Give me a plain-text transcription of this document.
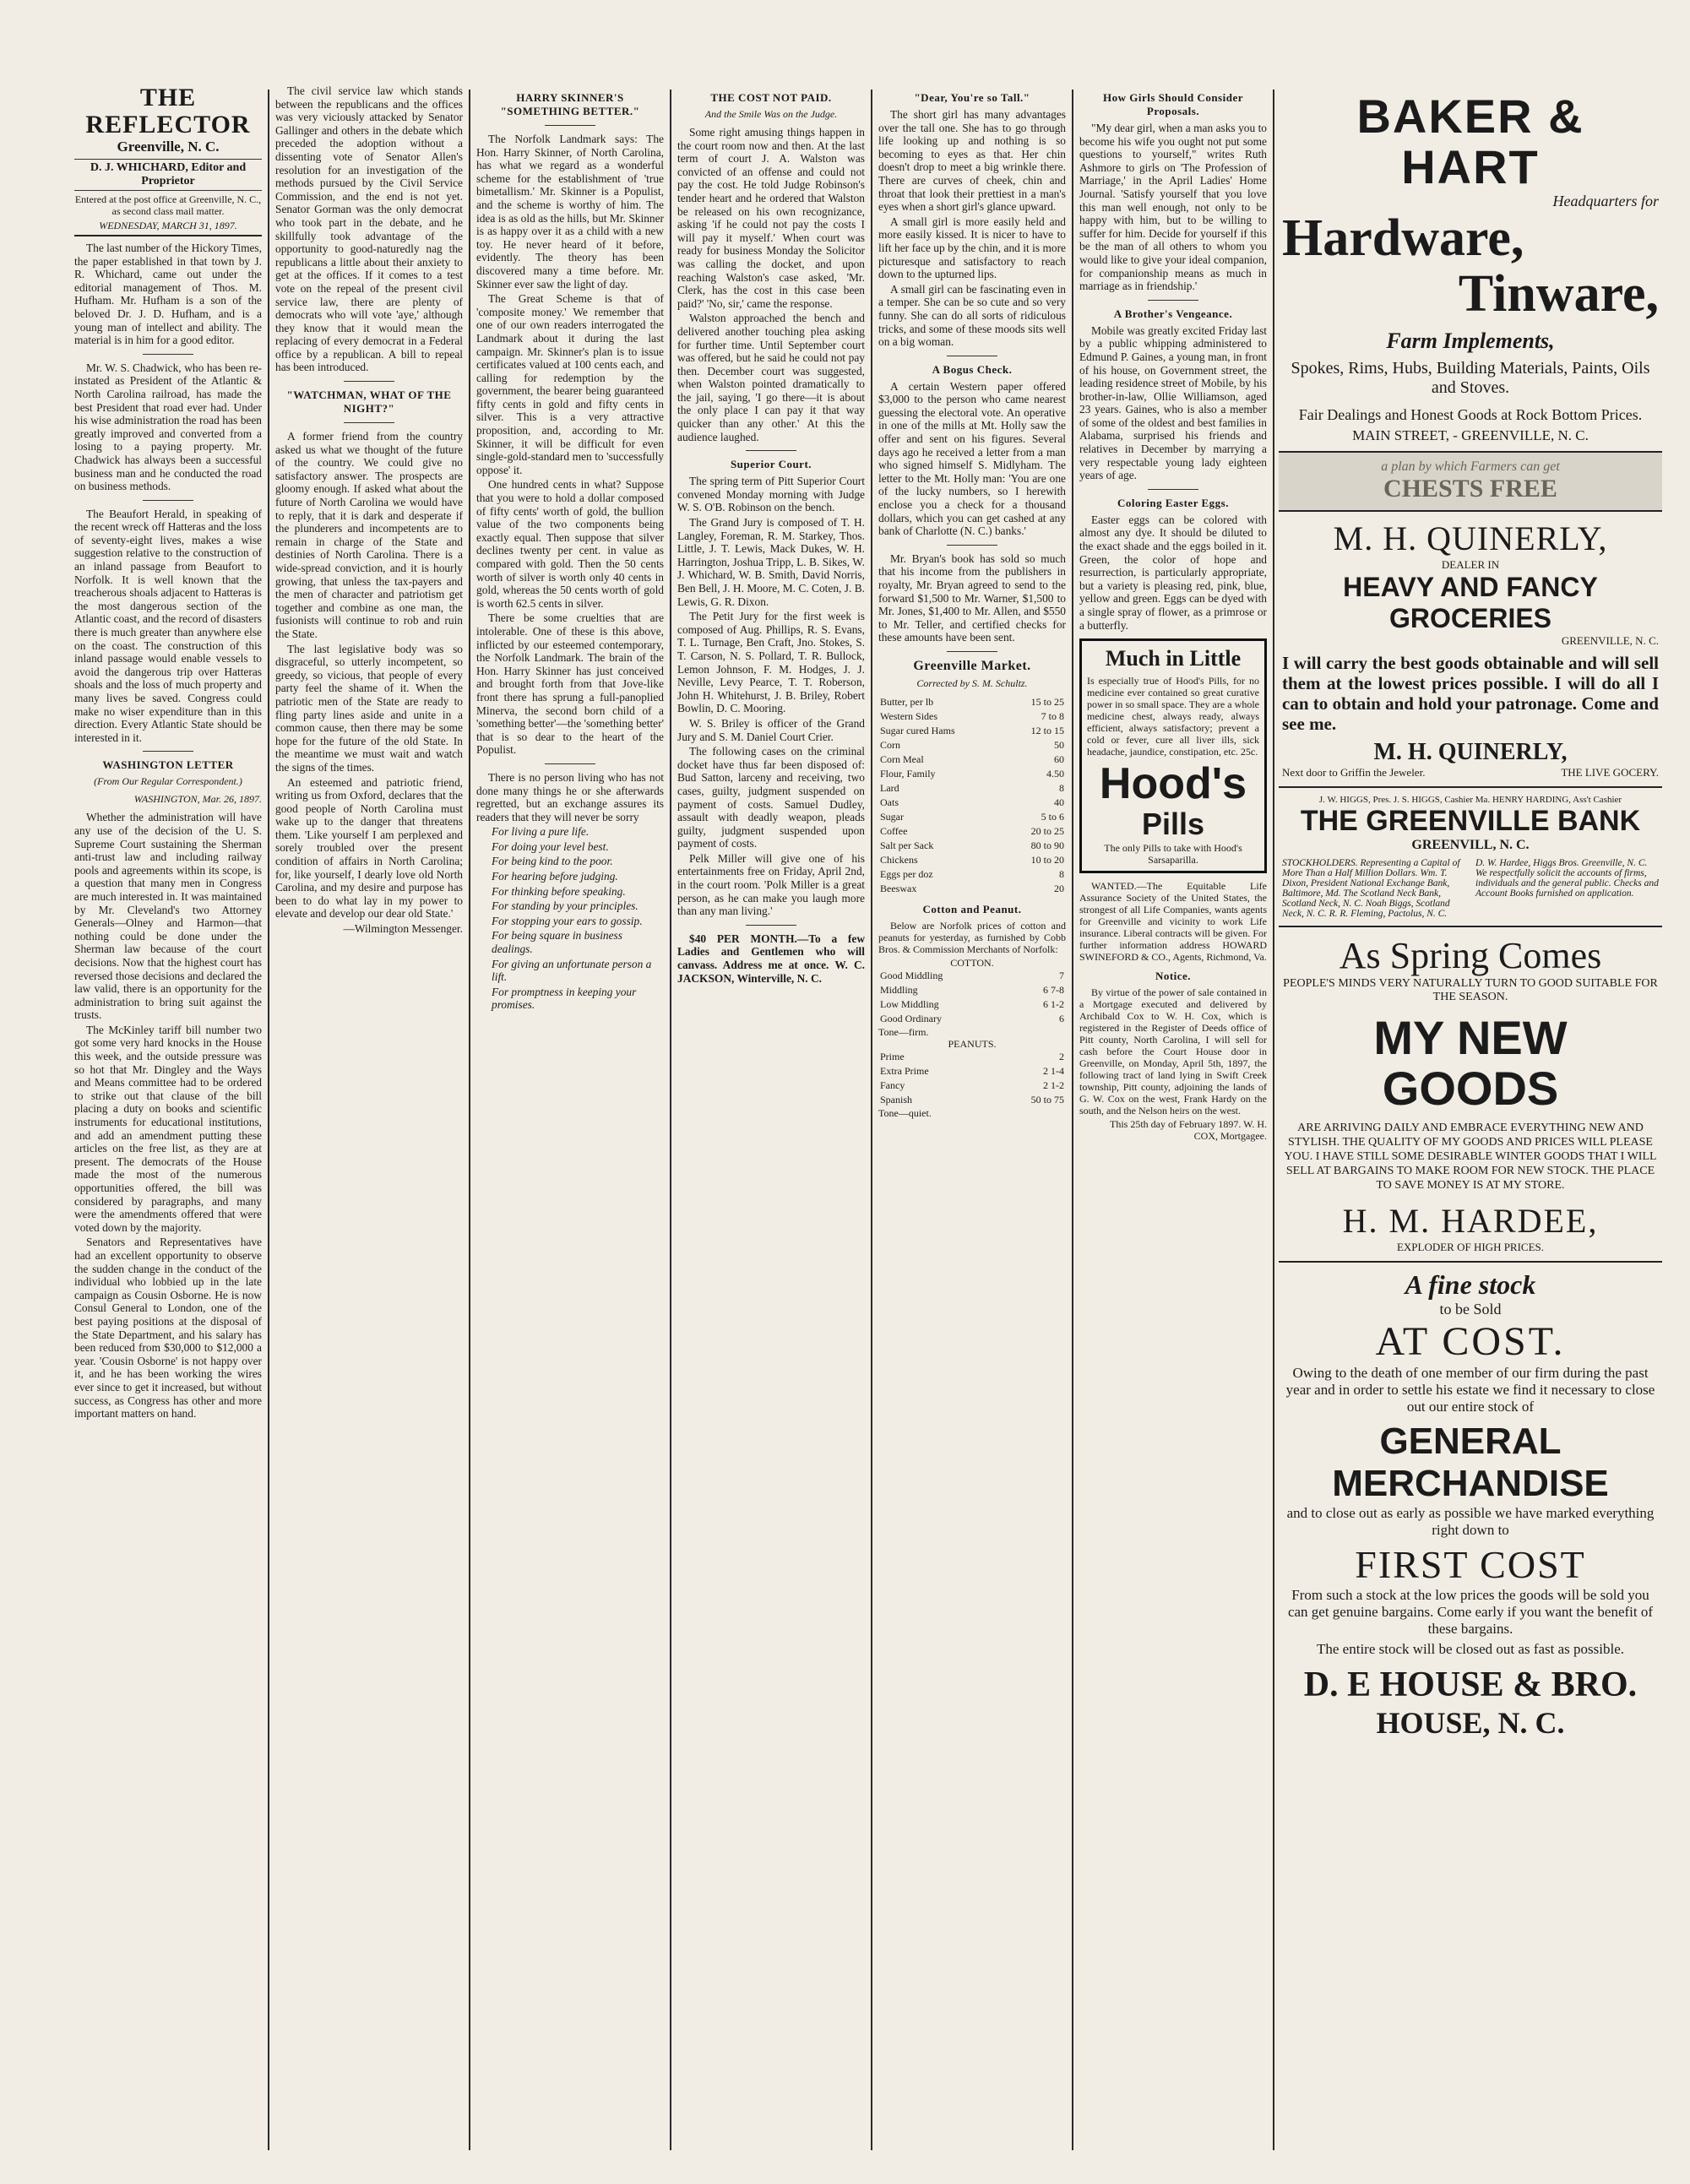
THE REFLECTOR
Greenville, N. C.
D. J. WHICHARD, Editor and Proprietor
Entered at the post office at Greenville, N. C., as second class mail matter.
WEDNESDAY, MARCH 31, 1897.

The last number of the Hickory Times, the paper established in that town by J. R. Whichard, came out under the editorial management of Thos. M. Hufham. Mr. Hufham is a son of the beloved Dr. J. D. Hufham, and is a young man of intellect and ability. The material is in him for a good editor.

Mr. W. S. Chadwick, who has been re-instated as President of the Atlantic & North Carolina railroad, has made the best President that road ever had. Under his wise administration the road has been greatly improved and converted from a losing to a paying property. Mr. Chadwick has always been a successful business man and he conducted the road on business methods.

The Beaufort Herald, in speaking of the recent wreck off Hatteras and the loss of seventy-eight lives, makes a wise suggestion relative to the construction of an inland passage from Beaufort to Norfolk. It is well known that the treacherous shoals adjacent to Hatteras is the most dangerous section of the Atlantic coast, and the record of disasters there is much greater than anywhere else on the coast. The construction of this inland passage would enable vessels to avoid the dangerous trip over Hatteras shoals and the loss of much property and many lives be saved. Congress could make no wiser expenditure than in this direction. Every Atlantic State should be interested in it.

WASHINGTON LETTER
(From Our Regular Correspondent.)
WASHINGTON, Mar. 26, 1897.

Whether the administration will have any use of the decision of the U. S. Supreme Court sustaining the Sherman anti-trust law and including railway pools and agreements within its scope, is a question that many men in Congress are much interested in. It was maintained by Mr. Cleveland's two Attorney Generals—Olney and Harmon—that nothing could be done under the Sherman law because of the court decisions. Now that the highest court has reversed those decisions and declared the law valid, there is an opportunity for the administration to bring suit against the trusts.

The McKinley tariff bill number two got some very hard knocks in the House this week, and the outside pressure was so hot that Mr. Dingley and the Ways and Means committee had to be ordered to strike out that clause of the bill placing a duty on books and scientific instruments for educational institutions, and add an amendment putting these articles on the free list, as they are at present. The democrats of the House made the most of the numerous opportunities offered, the bill was considered by paragraphs, and many were the amendments offered that were voted down by the majority.

Senators and Representatives have had an excellent opportunity to observe the sudden change in the conduct of the individual who lobbied up in the late campaign as Cousin Osborne. He is now Consul General to London, one of the best paying positions at the disposal of the State Department, and his salary has been reduced from $30,000 to $12,000 a year. 'Cousin Osborne' is not happy over it, and he has been working the wires ever since to get it increased, but without success, as Congress has other and more important matters on hand.

The civil service law which stands between the republicans and the offices was very viciously attacked by Senator Gallinger and others in the debate which preceded the adoption without a dissenting vote of Senator Allen's resolution for an investigation of the methods pursued by the Civil Service Commission, and the end is not yet. Senator Gorman was the only democrat who took part in the debate, and he skillfully took advantage of the opportunity to good-naturedly nag the republicans a little about their anxiety to get at the offices. If it comes to a test vote on the repeal of the present civil service law, there are plenty of democrats who will vote 'aye,' although they know that it would mean the replacing of every democrat in a Federal office by a republican. A bill to repeal has been introduced.

"WATCHMAN, WHAT OF THE NIGHT?"

A former friend from the country asked us what we thought of the future of the country. We could give no satisfactory answer. The prospects are gloomy enough. If asked what about the future of North Carolina we would have to reply, that it is dark and desperate if the plunderers and incompetents are to remain in charge of the State and destinies of North Carolina. There is a wide-spread conviction, and it is hourly growing, that unless the tax-payers and the men of character and patriotism get together and combine as one man, the fusionists will continue to rob and ruin the State.

The last legislative body was so disgraceful, so utterly incompetent, so greedy, so vicious, that people of every party feel the shame of it. When the patriotic men of the State are ready to fling party lines aside and unite in a common cause, then there may be some hope for the future of the old State. In the meantime we must wait and watch the signs of the times.

An esteemed and patriotic friend, writing us from Oxford, declares that the good people of North Carolina must wake up to the danger that threatens them. 'Like yourself I am perplexed and sorely troubled over the present condition of affairs in North Carolina; for, like yourself, I dearly love old North Carolina, and my desire and purpose has been to do what lay in my power to elevate and develop our dear old State.'

—Wilmington Messenger.

HARRY SKINNER'S "SOMETHING BETTER."

The Norfolk Landmark says: The Hon. Harry Skinner, of North Carolina, has what we regard as a wonderful scheme for the establishment of 'true bimetallism.' Mr. Skinner is a Populist, and the scheme is worthy of him. The idea is as old as the hills, but Mr. Skinner is as happy over it as a child with a new toy. He never heard of it before, evidently. The theory has been discovered many a time before. Mr. Skinner ever saw the light of day.

The Great Scheme is that of 'composite money.' We remember that one of our own readers interrogated the Landmark about it during the last campaign. Mr. Skinner's plan is to issue certificates valued at 100 cents each, and calling for redemption by the government, the bearer being guaranteed fifty cents in gold and fifty cents in silver. This is a very attractive proposition, and, according to Mr. Skinner, it will be difficult for even single-gold-standard men to 'successfully oppose' it.

One hundred cents in what? Suppose that you were to hold a dollar composed of fifty cents' worth of gold, the bullion value of the two components being exactly equal. Then suppose that silver declines twenty per cent. in value as compared with gold. Then the 50 cents worth of silver is worth only 40 cents in gold, whereas the 50 cents worth of gold is worth 62.5 cents in silver.

There be some cruelties that are intolerable. One of these is this above, inflicted by our esteemed contemporary, the Norfolk Landmark. The brain of the Hon. Harry Skinner has just conceived and brought forth from that Jove-like front there has sprung a full-panoplied Minerva, the second born child of a 'something better'—the 'something better' that is so dear to the heart of the Populist.

There is no person living who has not done many things he or she afterwards regretted, but an exchange assures its readers that they will never be sorry

For living a pure life.

For doing your level best.

For being kind to the poor.

For hearing before judging.

For thinking before speaking.

For standing by your principles.

For stopping your ears to gossip.

For being square in business dealings.

For giving an unfortunate person a lift.

For promptness in keeping your promises.

THE COST NOT PAID.
And the Smile Was on the Judge.

Some right amusing things happen in the court room now and then. At the last term of court J. A. Walston was convicted of an offense and could not pay the cost. He told Judge Robinson's tender heart and he ordered that Walston be released on his own recognizance, asking 'if he could not pay the costs I will pay it myself.' When court was ready for business Monday the Solicitor was calling the docket, and upon reaching Walston's case asked, 'Mr. Clerk, has the cost in this case been paid?' 'No, sir,' came the response.

Walston approached the bench and delivered another touching plea asking for further time. Until September court was offered, but he said he could not pay then. December court was suggested, when Walston pointed dramatically to the jail, saying, 'I go there—it is about the only place I can pay it that way quicker than any other.' At this the audience laughed.

Superior Court.

The spring term of Pitt Superior Court convened Monday morning with Judge W. S. O'B. Robinson on the bench.

The Grand Jury is composed of T. H. Langley, Foreman, R. M. Starkey, Thos. Little, J. T. Lewis, Mack Dukes, W. H. Harrington, Joshua Tripp, L. B. Sikes, W. J. Whichard, W. B. Smith, David Norris, Ben Bell, J. H. Moore, M. C. Coten, J. B. Lewis, G. R. Dixon.

The Petit Jury for the first week is composed of Aug. Phillips, R. S. Evans, T. L. Turnage, Ben Craft, Jno. Stokes, S. T. Carson, N. S. Pollard, T. R. Bullock, Lemon Johnson, F. M. Hodges, J. J. Neville, Levy Pearce, T. T. Roberson, John H. Whitehurst, J. B. Briley, Robert Bowlin, D. C. Mooring.

W. S. Briley is officer of the Grand Jury and S. M. Daniel Court Crier.

The following cases on the criminal docket have thus far been disposed of: Bud Satton, larceny and receiving, two cases, guilty, judgment suspended on payment of costs. Samuel Dudley, assault with deadly weapon, pleads guilty, judgment suspended upon payment of costs.

Pelk Miller will give one of his entertainments free on Friday, April 2nd, in the court room. 'Polk Miller is a great person, as he can make you laugh more than any man living.'

$40 PER MONTH.—To a few Ladies and Gentlemen who will canvass. Address me at once. W. C. JACKSON, Winterville, N. C.

"Dear, You're so Tall."

The short girl has many advantages over the tall one. She has to go through life looking up and nothing is so becoming to eyes as that. Her chin doesn't drop to meet a big wrinkle there. There are curves of cheek, chin and throat that look their prettiest in a man's eyes when a short girl's glance upward.

A small girl is more easily held and more easily kissed. It is nicer to have to lift her face up by the chin, and it is more picturesque and satisfactory to reach down to the upturned lips.

A small girl can be fascinating even in a temper. She can be so cute and so very funny. She can do all sorts of ridiculous tricks, and some of these moods sits well on a big woman.

A Bogus Check.

A certain Western paper offered $3,000 to the person who came nearest guessing the electoral vote. An operative in one of the mills at Mt. Holly saw the offer and sent on his figures. Several days ago he received a letter from a man who signed himself S. Midlyham. The letter to the Mt. Holly man: 'You are one of the lucky numbers, so I herewith enclose you a check for a thousand dollars, which you can get cashed at any bank of Charlotte (N. C.) banks.'

Mr. Bryan's book has sold so much that his income from the publishers in royalty, Mr. Bryan agreed to send to the forward $1,500 to Mr. Warner, $1,500 to Mr. Jones, $1,400 to Mr. Allen, and $550 to Mr. Teller, and certified checks for these amounts have been sent.

Greenville Market.
Corrected by S. M. Schultz.
Butter, per lb	15 to 25
Western Sides	7 to 8
Sugar cured Hams	12 to 15
Corn	50
Corn Meal	60
Flour, Family	4.50
Lard	8
Oats	40
Sugar	5 to 6
Coffee	20 to 25
Salt per Sack	80 to 90
Chickens	10 to 20
Eggs per doz	8
Beeswax	20
Cotton and Peanut.

Below are Norfolk prices of cotton and peanuts for yesterday, as furnished by Cobb Bros. & Commission Merchants of Norfolk:

COTTON.
Good Middling	7
Middling	6 7-8
Low Middling	6 1-2
Good Ordinary	6
Tone—firm.
PEANUTS.
Prime	2
Extra Prime	2 1-4
Fancy	2 1-2
Spanish	50 to 75
Tone—quiet.
How Girls Should Consider Proposals.

"My dear girl, when a man asks you to become his wife you ought not put some questions to yourself," writes Ruth Ashmore to girls on 'The Profession of Marriage,' in the April Ladies' Home Journal. 'Satisfy yourself that you love this man well enough, not only to be happy with him, but to be willing to suffer for him. Decide for yourself if this be the man of all others to whom you would like to give your ideal companion, for companionship means as much in marriage as in friendship.'

A Brother's Vengeance.

Mobile was greatly excited Friday last by a public whipping administered to Edmund P. Gaines, a young man, in front of his house, on Government street, the leading residence street of Mobile, by his brother-in-law, Ollie Williamson, aged 23 years. Gaines, who is also a member of some of the oldest and best families in Alabama, surprised his friends and relatives in December by marrying a very respectable young lady eighteen years of age.

Coloring Easter Eggs.

Easter eggs can be colored with almost any dye. It should be diluted to the exact shade and the eggs boiled in it. Green, the color of hope and resurrection, is particularly appropriate, but a variety is pleasing red, pink, blue, yellow and green. Eggs can be dyed with a single spray of flower, as a primrose or a butterfly.

Much in Little
Is especially true of Hood's Pills, for no medicine ever contained so great curative power in so small space. They are a whole medicine chest, always ready, always efficient, always satisfactory; prevent a cold or fever, cure all liver ills, sick headache, jaundice, constipation, etc. 25c.
Hood's
Pills
The only Pills to take with Hood's Sarsaparilla.

WANTED.—The Equitable Life Assurance Society of the United States, the strongest of all Life Companies, wants agents for Greenville and vicinity to work Life insurance. Liberal contracts will be given. For further information address HOWARD SWINEFORD & CO., Agents, Richmond, Va.

Notice.

By virtue of the power of sale contained in a Mortgage executed and delivered by Archibald Cox to W. H. Cox, which is registered in the Register of Deeds office of Pitt county, North Carolina, I will sell for cash before the Court House door in Greenville, on Monday, April 5th, 1897, the following tract of land lying in Swift Creek township, Pitt county, adjoining the lands of G. W. Cox on the west, Frank Hardy on the south, and the Nelson heirs on the west.

This 25th day of February 1897. W. H. COX, Mortgagee.

BAKER & HART
Headquarters for
Hardware,
Tinware,
Farm Implements,
Spokes, Rims, Hubs, Building Materials, Paints, Oils and Stoves.
Fair Dealings and Honest Goods at Rock Bottom Prices.
MAIN STREET, - GREENVILLE, N. C.
a plan by which Farmers can get
CHESTS FREE
M. H. QUINERLY,
DEALER IN
HEAVY AND FANCY GROCERIES
GREENVILLE, N. C.
I will carry the best goods obtainable and will sell them at the lowest prices possible. I will do all I can to obtain and hold your patronage. Come and see me.
M. H. QUINERLY,
Next door to Griffin the Jeweler.	THE LIVE GOCERY.
J. W. HIGGS, Pres. J. S. HIGGS, Cashier Ma. HENRY HARDING, Ass't Cashier
THE GREENVILLE BANK
GREENVILL, N. C.
STOCKHOLDERS. Representing a Capital of More Than a Half Million Dollars. Wm. T. Dixon, President National Exchange Bank, Baltimore, Md. The Scotland Neck Bank, Scotland Neck, N. C. Noah Biggs, Scotland Neck, N. C. R. R. Fleming, Pactolus, N. C.
D. W. Hardee, Higgs Bros. Greenville, N. C. We respectfully solicit the accounts of firms, individuals and the general public. Checks and Account Books furnished on application.
As Spring Comes
PEOPLE'S MINDS VERY NATURALLY TURN TO GOOD SUITABLE FOR THE SEASON.
MY NEW GOODS
ARE ARRIVING DAILY AND EMBRACE EVERYTHING NEW AND STYLISH. THE QUALITY OF MY GOODS AND PRICES WILL PLEASE YOU. I HAVE STILL SOME DESIRABLE WINTER GOODS THAT I WILL SELL AT BARGAINS TO MAKE ROOM FOR NEW STOCK. THE PLACE TO SAVE MONEY IS AT MY STORE.
H. M. HARDEE,
EXPLODER OF HIGH PRICES.
A fine stock
to be Sold
AT COST.
Owing to the death of one member of our firm during the past year and in order to settle his estate we find it necessary to close out our entire stock of
GENERAL MERCHANDISE
and to close out as early as possible we have marked everything right down to
FIRST COST
From such a stock at the low prices the goods will be sold you can get genuine bargains. Come early if you want the benefit of these bargains.
The entire stock will be closed out as fast as possible.
D. E HOUSE & BRO.
HOUSE, N. C.
